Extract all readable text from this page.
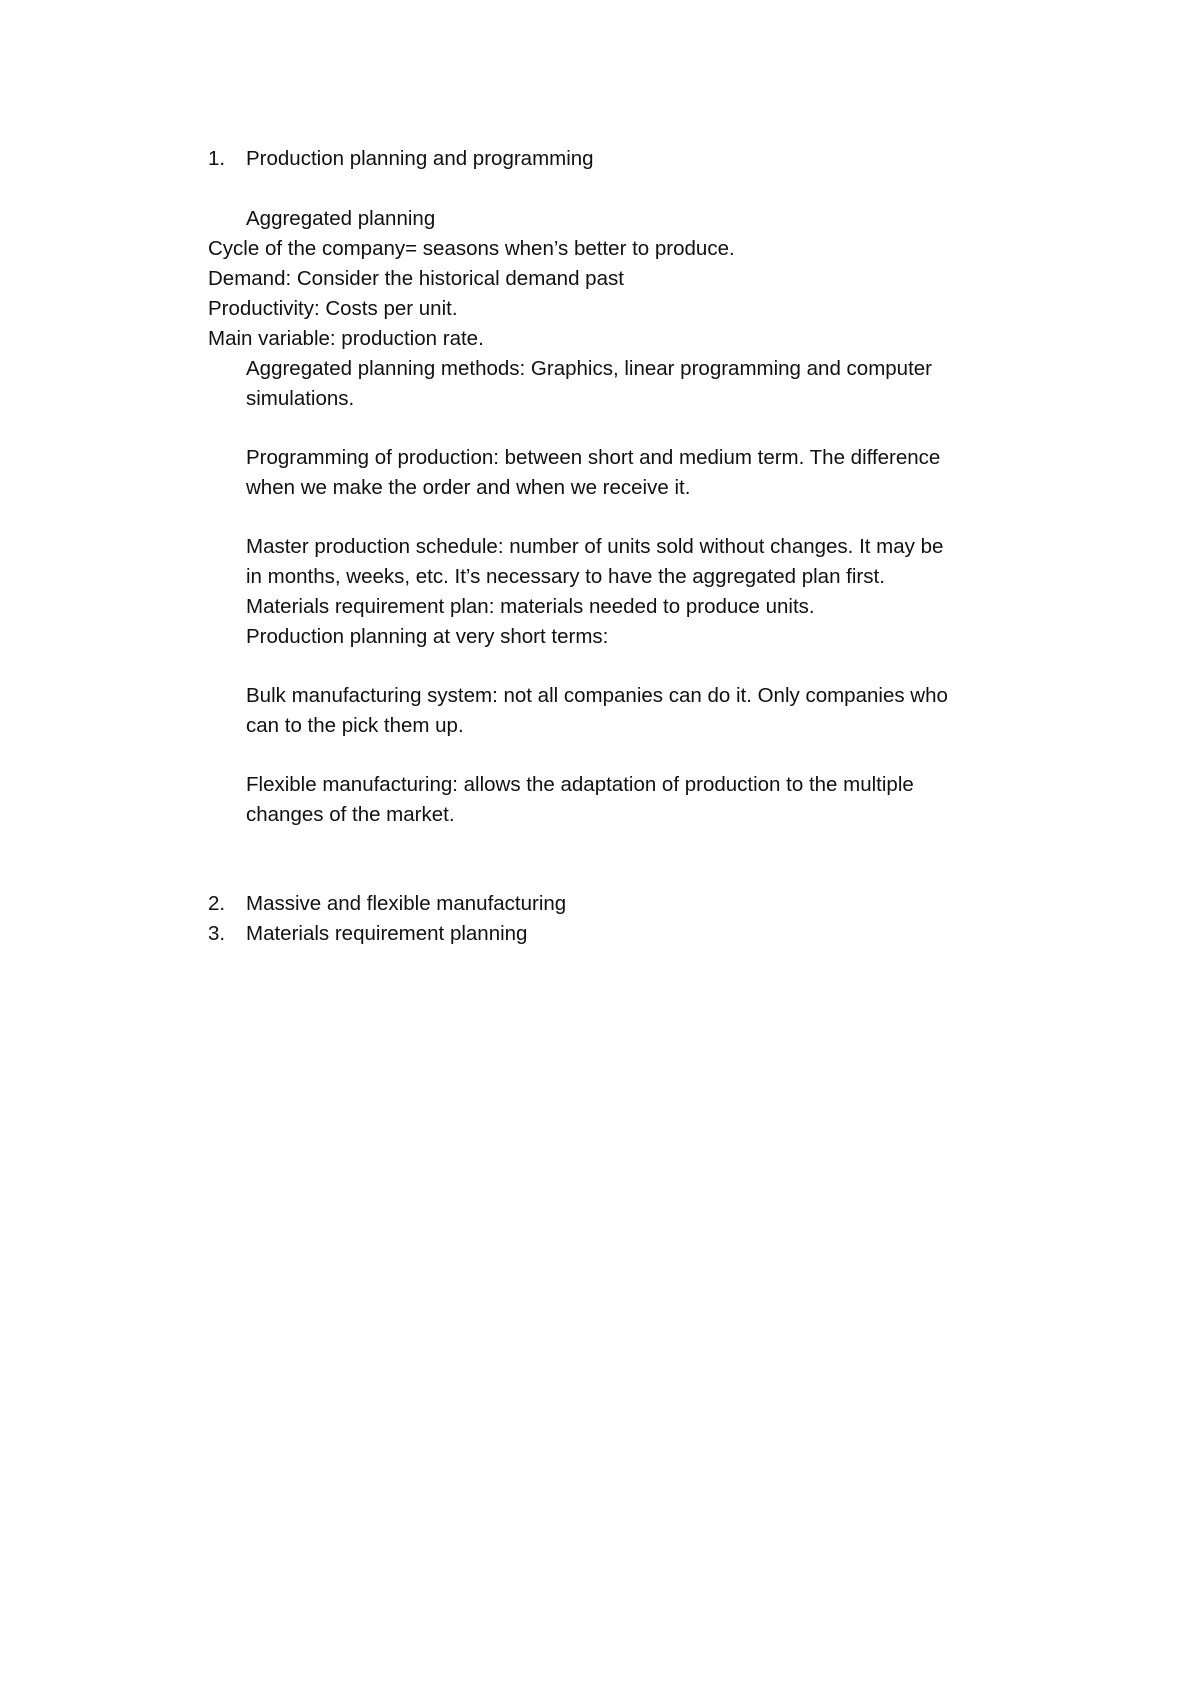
1. Production planning and programming
Aggregated planning
Cycle of the company= seasons when’s better to produce.
Demand: Consider the historical demand past
Productivity: Costs per unit.
Main variable: production rate.
Aggregated planning methods: Graphics, linear programming and computer
simulations.
Programming of production: between short and medium term. The difference
when we make the order and when we receive it.
Master production schedule: number of units sold without changes. It may be
in months, weeks, etc. It’s necessary to have the aggregated plan first.
Materials requirement plan: materials needed to produce units.
Production planning at very short terms:
Bulk manufacturing system: not all companies can do it. Only companies who
can to the pick them up.
Flexible manufacturing: allows the adaptation of production to the multiple
changes of the market.
2. Massive and flexible manufacturing
3. Materials requirement planning
